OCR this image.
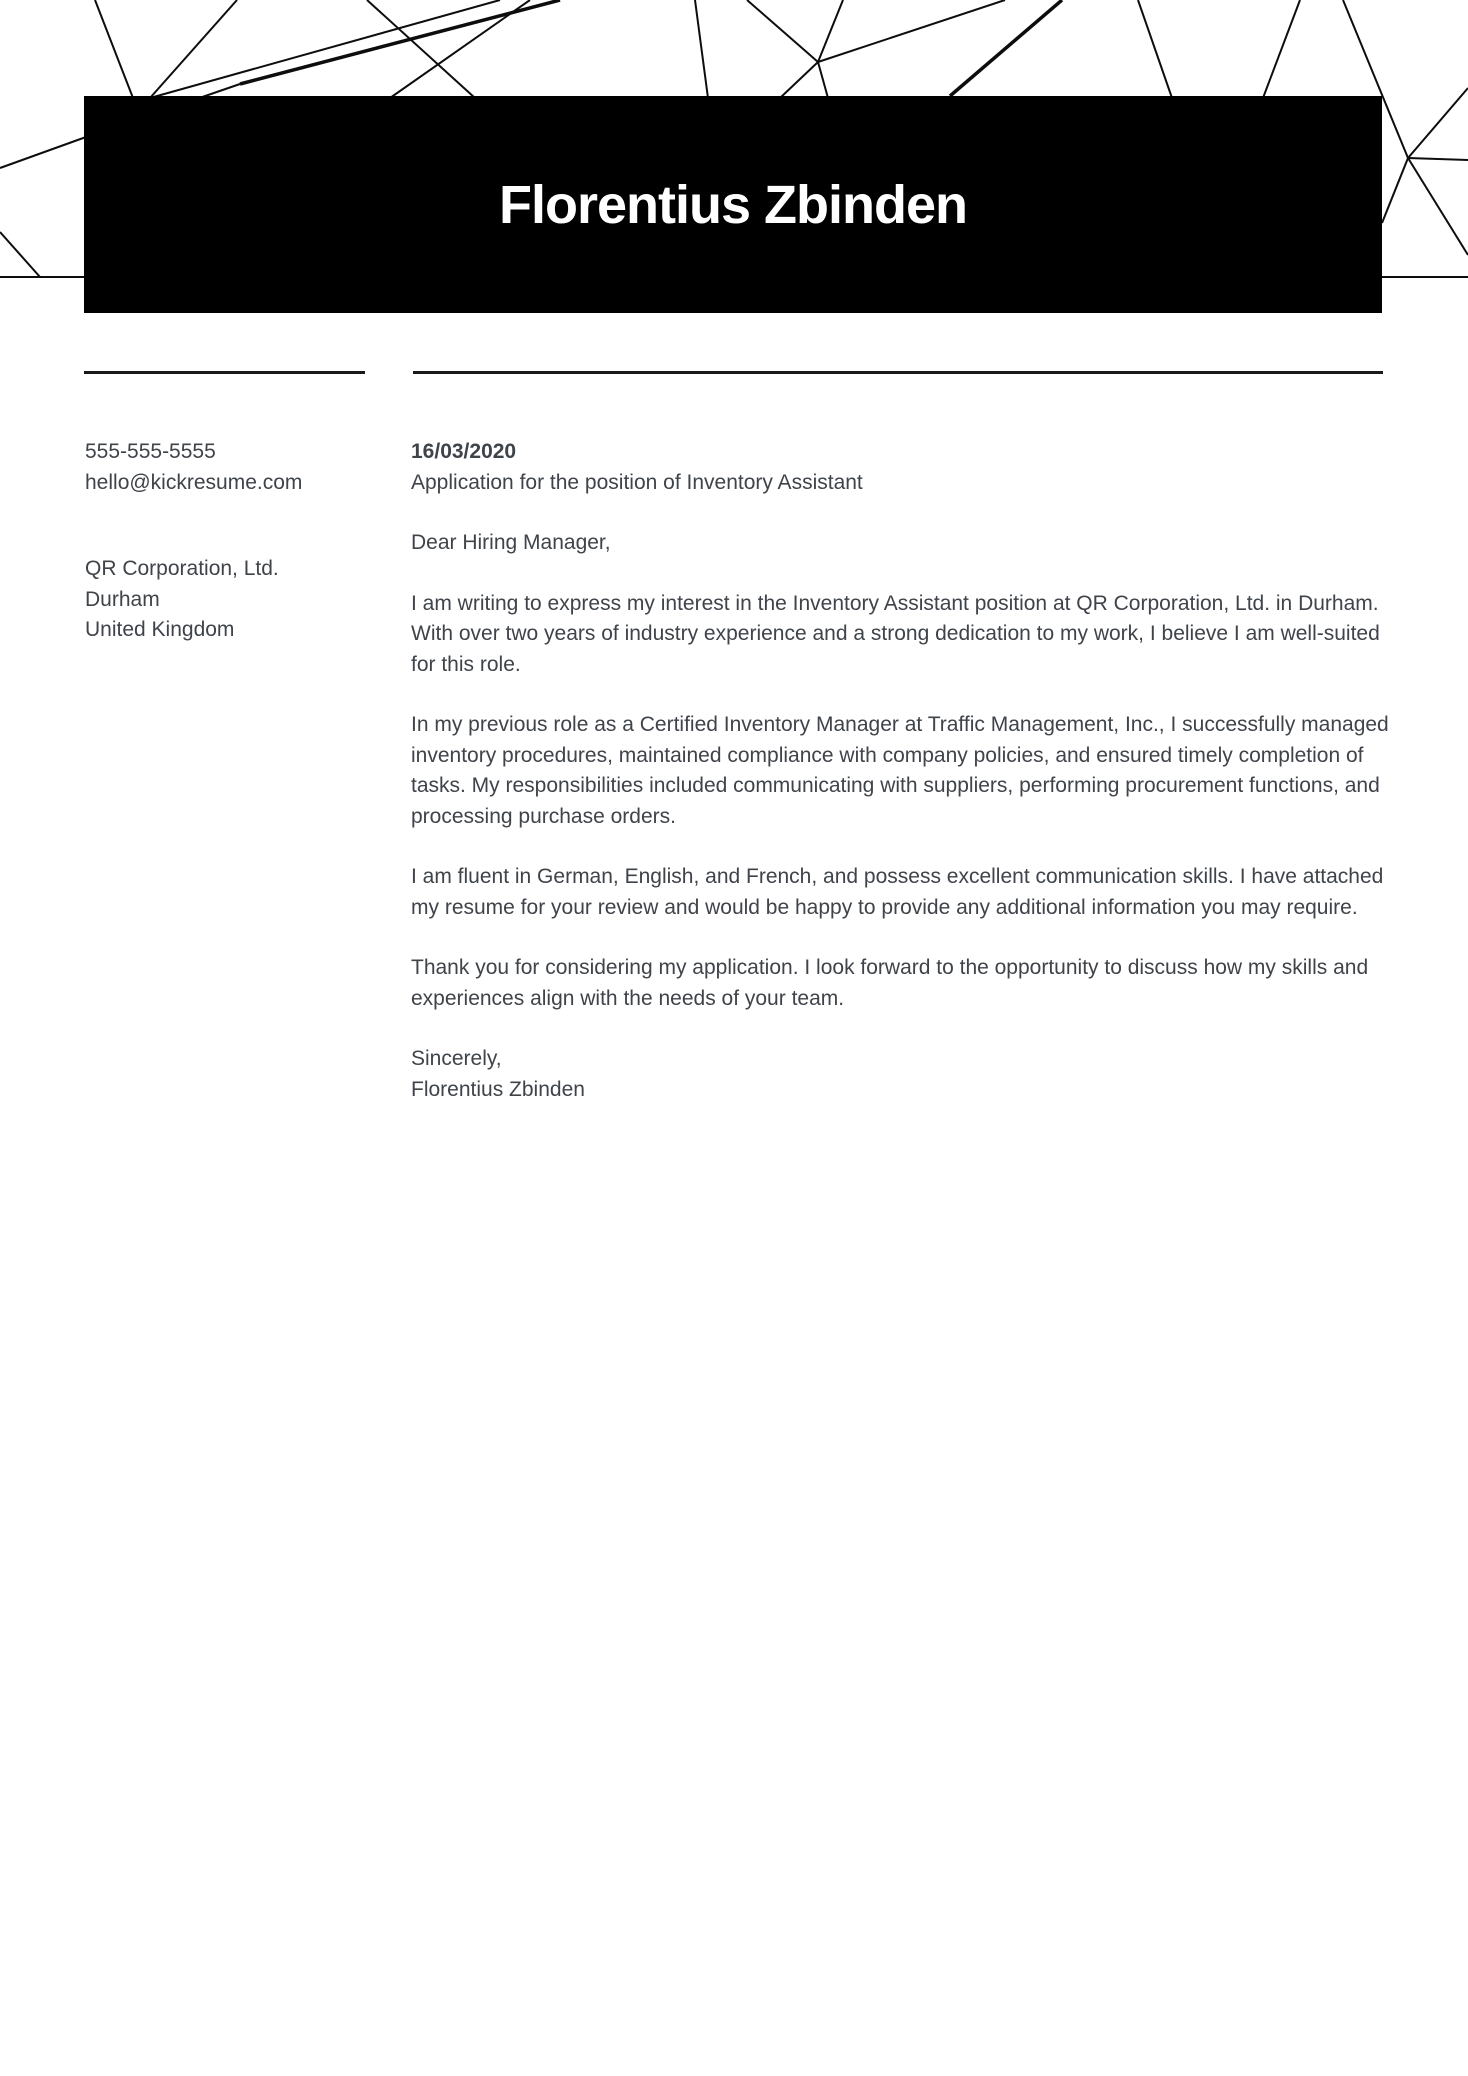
Florentius Zbinden

555-555-5555

hello@kickresume.com

QR Corporation, Ltd.

Durham

United Kingdom

16/03/2020

Application for the position of Inventory Assistant

Dear Hiring Manager,

I am writing to express my interest in the Inventory Assistant position at QR Corporation, Ltd. in Durham. With over two years of industry experience and a strong dedication to my work, I believe I am well-suited for this role.

In my previous role as a Certified Inventory Manager at Traffic Management, Inc., I successfully managed inventory procedures, maintained compliance with company policies, and ensured timely completion of tasks. My responsibilities included communicating with suppliers, performing procurement functions, and processing purchase orders.

I am fluent in German, English, and French, and possess excellent communication skills. I have attached my resume for your review and would be happy to provide any additional information you may require.

Thank you for considering my application. I look forward to the opportunity to discuss how my skills and experiences align with the needs of your team.

Sincerely,

Florentius Zbinden
